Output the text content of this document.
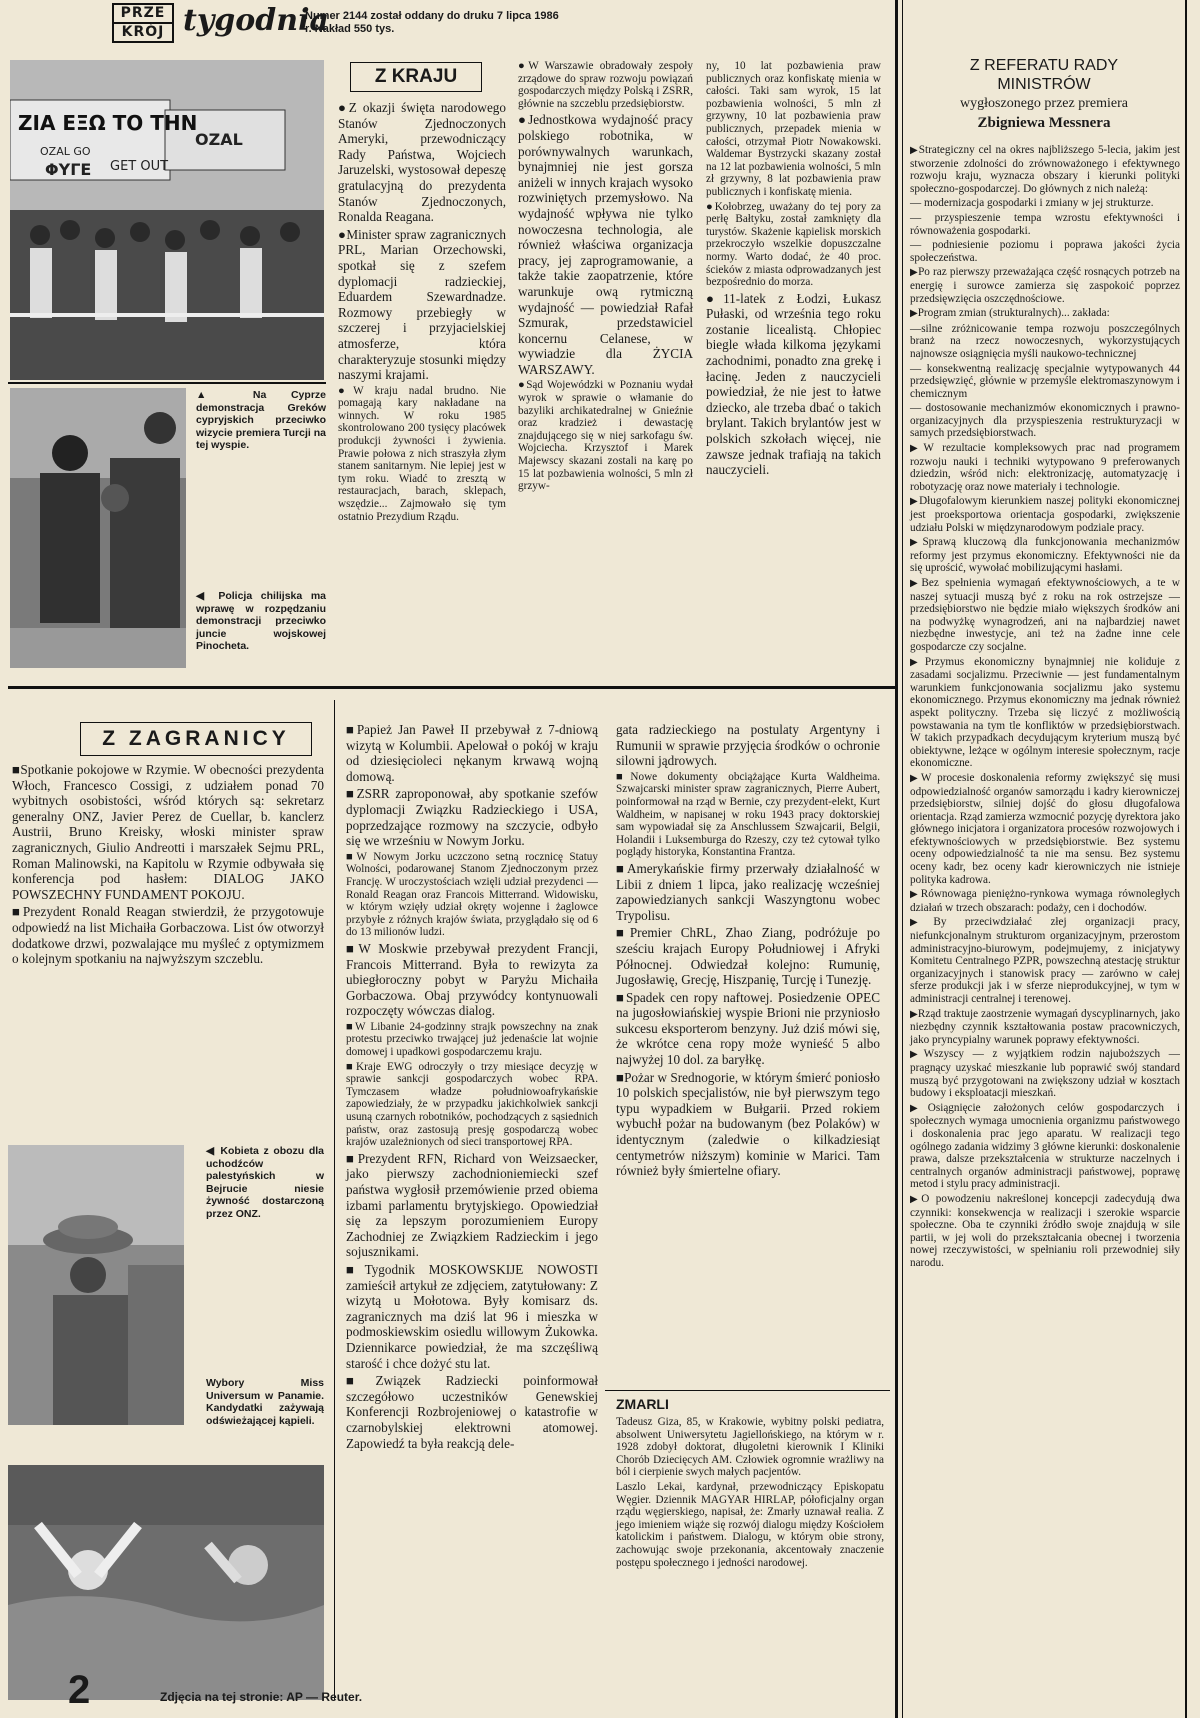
PRZE
KRÓJ tygodnia
Numer 2144 został oddany do druku 7 lipca 1986 r. Nakład 550 tys.
ZIA EΞΩ ΤΟ ΤΗΝ
OZAL GO
OZAL
ΦΥΓΕ GET OUT
▲ Na Cyprze demonstracja Greków cypryjskich przeciwko wizycie premiera Turcji na tej wyspie.
◀ Policja chilijska ma wprawę w rozpędzaniu demonstracji przeciwko juncie wojskowej Pinocheta.
Z KRAJU

● Z okazji święta narodowego Stanów Zjednoczonych Ameryki, przewodniczący Rady Państwa, Wojciech Jaruzelski, wystosował depeszę gratulacyjną do prezydenta Stanów Zjednoczonych, Ronalda Reagana.

● Minister spraw zagranicznych PRL, Marian Orzechowski, spotkał się z szefem dyplomacji radzieckiej, Eduardem Szewardnadze. Rozmowy przebiegły w szczerej i przyjacielskiej atmosferze, która charakteryzuje stosunki między naszymi krajami.

● W kraju nadal brudno. Nie pomagają kary nakładane na winnych. W roku 1985 skontrolowano 200 tysięcy placówek produkcji żywności i żywienia. Prawie połowa z nich straszyła złym stanem sanitarnym. Nie lepiej jest w tym roku. Wiadć to zresztą w restauracjach, barach, sklepach, wszędzie... Zajmowało się tym ostatnio Prezydium Rządu.

● W Warszawie obradowały zespoły zrządowe do spraw rozwoju powiązań gospodarczych między Polską i ZSRR, głównie na szczeblu przedsiębiorstw.

● Jednostkowa wydajność pracy polskiego robotnika, w porównywalnych warunkach, bynajmniej nie jest gorsza aniżeli w innych krajach wysoko rozwiniętych przemysłowo. Na wydajność wpływa nie tylko nowoczesna technologia, ale również właściwa organizacja pracy, jej zaprogramowanie, a także takie zaopatrzenie, które warunkuje ową rytmiczną wydajność — powiedział Rafał Szmurak, przedstawiciel koncernu Celanese, w wywiadzie dla ŻYCIA WARSZAWY.

● Sąd Wojewódzki w Poznaniu wydał wyrok w sprawie o włamanie do bazyliki archikatedralnej w Gnieźnie oraz kradzież i dewastację znajdującego się w niej sarkofagu św. Wojciecha. Krzysztof i Marek Majewscy skazani zostali na karę po 15 lat pozbawienia wolności, 5 mln zł grzyw-

ny, 10 lat pozbawienia praw publicznych oraz konfiskatę mienia w całości. Taki sam wyrok, 15 lat pozbawienia wolności, 5 mln zł grzywny, 10 lat pozbawienia praw publicznych, przepadek mienia w całości, otrzymał Piotr Nowakowski. Waldemar Bystrzycki skazany został na 12 lat pozbawienia wolności, 5 mln zł grzywny, 8 lat pozbawienia praw publicznych i konfiskatę mienia.

● Kołobrzeg, uważany do tej pory za perłę Bałtyku, został zamknięty dla turystów. Skażenie kąpielisk morskich przekroczyło wszelkie dopuszczalne normy. Warto dodać, że 40 proc. ścieków z miasta odprowadzanych jest bezpośrednio do morza.

● 11-latek z Łodzi, Łukasz Pułaski, od września tego roku zostanie licealistą. Chłopiec biegle włada kilkoma językami zachodnimi, ponadto zna grekę i łacinę. Jeden z nauczycieli powiedział, że nie jest to łatwe dziecko, ale trzeba dbać o takich brylant. Takich brylantów jest w polskich szkołach więcej, nie zawsze jednak trafiają na takich nauczycieli.

Z ZAGRANICY

■ Spotkanie pokojowe w Rzymie. W obecności prezydenta Włoch, Francesco Cossigi, z udziałem ponad 70 wybitnych osobistości, wśród których są: sekretarz generalny ONZ, Javier Perez de Cuellar, b. kanclerz Austrii, Bruno Kreisky, włoski minister spraw zagranicznych, Giulio Andreotti i marszałek Sejmu PRL, Roman Malinowski, na Kapitolu w Rzymie odbywała się konferencja pod hasłem: DIALOG JAKO POWSZECHNY FUNDAMENT POKOJU.

■ Prezydent Ronald Reagan stwierdził, że przygotowuje odpowiedź na list Michaiła Gorbaczowa. List ów otworzył dodatkowe drzwi, pozwalające mu myśleć z optymizmem o kolejnym spotkaniu na najwyższym szczeblu.

◀ Kobieta z obozu dla uchodźców palestyńskich w Bejrucie niesie żywność dostarczoną przez ONZ.
Wybory Miss Universum w Panamie. Kandydatki zażywają odświeżającej kąpieli.

■ Papież Jan Paweł II przebywał z 7-dniową wizytą w Kolumbii. Apelował o pokój w kraju od dziesięcioleci nękanym krwawą wojną domową.

■ ZSRR zaproponował, aby spotkanie szefów dyplomacji Związku Radzieckiego i USA, poprzedzające rozmowy na szczycie, odbyło się we wrześniu w Nowym Jorku.

■ W Nowym Jorku uczczono setną rocznicę Statuy Wolności, podarowanej Stanom Zjednoczonym przez Francję. W uroczystościach wzięli udział prezydenci — Ronald Reagan oraz Francois Mitterrand. Widowisku, w którym wzięły udział okręty wojenne i żaglowce przybyłe z różnych krajów świata, przyglądało się od 6 do 13 milionów ludzi.

■ W Moskwie przebywał prezydent Francji, Francois Mitterrand. Była to rewizyta za ubiegłoroczny pobyt w Paryżu Michaiła Gorbaczowa. Obaj przywódcy kontynuowali rozpoczęty wówczas dialog.

■ W Libanie 24-godzinny strajk powszechny na znak protestu przeciwko trwającej już jedenaście lat wojnie domowej i upadkowi gospodarczemu kraju.

■ Kraje EWG odroczyły o trzy miesiące decyzję w sprawie sankcji gospodarczych wobec RPA. Tymczasem władze południowoafrykańskie zapowiedziały, że w przypadku jakichkolwiek sankcji usuną czarnych robotników, pochodzących z sąsiednich państw, oraz zastosują presję gospodarczą wobec krajów uzależnionych od sieci transportowej RPA.

■ Prezydent RFN, Richard von Weizsaecker, jako pierwszy zachodnioniemiecki szef państwa wygłosił przemówienie przed obiema izbami parlamentu brytyjskiego. Opowiedział się za lepszym porozumieniem Europy Zachodniej ze Związkiem Radzieckim i jego sojusznikami.

■ Tygodnik MOSKOWSKIJE NOWOSTI zamieścił artykuł ze zdjęciem, zatytułowany: Z wizytą u Mołotowa. Były komisarz ds. zagranicznych ma dziś lat 96 i mieszka w podmoskiewskim osiedlu willowym Żukowka. Dziennikarce powiedział, że ma szczęśliwą starość i chce dożyć stu lat.

■ Związek Radziecki poinformował szczegółowo uczestników Genewskiej Konferencji Rozbrojeniowej o katastrofie w czarnobylskiej elektrowni atomowej. Zapowiedź ta była reakcją dele-

gata radzieckiego na postulaty Argentyny i Rumunii w sprawie przyjęcia środków o ochronie silowni jądrowych.

■ Nowe dokumenty obciążające Kurta Waldheima. Szwajcarski minister spraw zagranicznych, Pierre Aubert, poinformował na rząd w Bernie, czy prezydent-elekt, Kurt Waldheim, w napisanej w roku 1943 pracy doktorskiej sam wypowiadał się za Anschlussem Szwajcarii, Belgii, Holandii i Luksemburga do Rzeszy, czy też cytował tylko poglądy historyka, Konstantina Frantza.

■ Amerykańskie firmy przerwały działalność w Libii z dniem 1 lipca, jako realizację wcześniej zapowiedzianych sankcji Waszyngtonu wobec Trypolisu.

■ Premier ChRL, Zhao Ziang, podróżuje po sześciu krajach Europy Południowej i Afryki Północnej. Odwiedzał kolejno: Rumunię, Jugosławię, Grecję, Hiszpanię, Turcję i Tunezję.

■ Spadek cen ropy naftowej. Posiedzenie OPEC na jugosłowiańskiej wyspie Brioni nie przyniosło sukcesu eksporterom benzyny. Już dziś mówi się, że wkrótce cena ropy może wynieść 5 albo najwyżej 10 dol. za baryłkę.

■ Pożar w Srednogorie, w którym śmierć poniosło 10 polskich specjalistów, nie był pierwszym tego typu wypadkiem w Bułgarii. Przed rokiem wybuchł pożar na budowanym (bez Polaków) w identycznym (zaledwie o kilkadziesiąt centymetrów niższym) kominie w Marici. Tam również były śmiertelne ofiary.

ZMARLI

Tadeusz Giza, 85, w Krakowie, wybitny polski pediatra, absolwent Uniwersytetu Jagiellońskiego, na którym w r. 1928 zdobył doktorat, długoletni kierownik I Kliniki Chorób Dziecięcych AM. Człowiek ogromnie wrażliwy na ból i cierpienie swych małych pacjentów.

Laszlo Lekai, kardynał, przewodniczący Episkopatu Węgier. Dziennik MAGYAR HIRLAP, półoficjalny organ rządu węgierskiego, napisał, że: Zmarły uznawał realia. Z jego imieniem wiąże się rozwój dialogu między Kościołem katolickim i państwem. Dialogu, w którym obie strony, zachowując swoje przekonania, akcentowały znaczenie postępu społecznego i jedności narodowej.

Z REFERATU RADY
MINISTRÓW
wygłoszonego przez premiera
Zbigniewa Messnera

▶ Strategiczny cel na okres najbliższego 5-lecia, jakim jest stworzenie zdolności do zrównoważonego i efektywnego rozwoju kraju, wyznacza obszary i kierunki polityki społeczno-gospodarczej. Do głównych z nich należą:

— modernizacja gospodarki i zmiany w jej strukturze.

— przyspieszenie tempa wzrostu efektywności i równoważenia gospodarki.

— podniesienie poziomu i poprawa jakości życia społeczeństwa.

▶ Po raz pierwszy przeważająca część rosnących potrzeb na energię i surowce zamierza się zaspokoić poprzez przedsięwzięcia oszczędnościowe.

▶ Program zmian (strukturalnych)... zakłada:

—silne zróżnicowanie tempa rozwoju poszczególnych branż na rzecz nowoczesnych, wykorzystujących najnowsze osiągnięcia myśli naukowo-technicznej

— konsekwentną realizację specjalnie wytypowanych 44 przedsięwzięć, głównie w przemyśle elektromaszynowym i chemicznym

— dostosowanie mechanizmów ekonomicznych i prawno-organizacyjnych dla przyspieszenia restrukturyzacji w samych przedsiębiorstwach.

▶ W rezultacie kompleksowych prac nad programem rozwoju nauki i techniki wytypowano 9 preferowanych dziedzin, wśród nich: elektronizację, automatyzację i robotyzację oraz nowe materiały i technologie.

▶ Długofalowym kierunkiem naszej polityki ekonomicznej jest proeksportowa orientacja gospodarki, zwiększenie udziału Polski w międzynarodowym podziale pracy.

▶ Sprawą kluczową dla funkcjonowania mechanizmów reformy jest przymus ekonomiczny. Efektywności nie da się uprościć, wywołać mobilizującymi hasłami.

▶ Bez spełnienia wymagań efektywnościowych, a te w naszej sytuacji muszą być z roku na rok ostrzejsze — przedsiębiorstwo nie będzie miało większych środków ani na podwyżkę wynagrodzeń, ani na najbardziej nawet niezbędne inwestycje, ani też na żadne inne cele gospodarcze czy socjalne.

▶ Przymus ekonomiczny bynajmniej nie koliduje z zasadami socjalizmu. Przeciwnie — jest fundamentalnym warunkiem funkcjonowania socjalizmu jako systemu ekonomicznego. Przymus ekonomiczny ma jednak również aspekt polityczny. Trzeba się liczyć z możliwością powstawania na tym tle konfliktów w przedsiębiorstwach. W takich przypadkach decydującym kryterium muszą być obiektywne, leżące w ogólnym interesie społecznym, racje ekonomiczne.

▶ W procesie doskonalenia reformy zwiększyć się musi odpowiedzialność organów samorządu i kadry kierowniczej przedsiębiorstw, silniej dojść do głosu długofalowa orientacja. Rząd zamierza wzmocnić pozycję dyrektora jako głównego inicjatora i organizatora procesów rozwojowych i efektywnościowych w przedsiębiorstwie. Bez systemu oceny odpowiedzialność ta nie ma sensu. Bez systemu oceny kadr, bez oceny kadr kierowniczych nie istnieje polityka kadrowa.

▶ Równowaga pieniężno-rynkowa wymaga równoległych działań w trzech obszarach: podaży, cen i dochodów.

▶ By przeciwdziałać złej organizacji pracy, niefunkcjonalnym strukturom organizacyjnym, przerostom administracyjno-biurowym, podejmujemy, z inicjatywy Komitetu Centralnego PZPR, powszechną atestację struktur organizacyjnych i stanowisk pracy — zarówno w całej sferze produkcji jak i w sferze nieprodukcyjnej, w tym w administracji centralnej i terenowej.

▶ Rząd traktuje zaostrzenie wymagań dyscyplinarnych, jako niezbędny czynnik kształtowania postaw pracowniczych, jako pryncypialny warunek poprawy efektywności.

▶ Wszyscy — z wyjątkiem rodzin najuboższych — pragnący uzyskać mieszkanie lub poprawić swój standard muszą być przygotowani na zwiększony udział w kosztach budowy i eksploatacji mieszkań.

▶ Osiągnięcie założonych celów gospodarczych i społecznych wymaga umocnienia organizmu państwowego i doskonalenia prac jego aparatu. W realizacji tego ogólnego zadania widzimy 3 główne kierunki: doskonalenie prawa, dalsze przekształcenia w strukturze naczelnych i centralnych organów administracji państwowej, poprawę metod i stylu pracy administracji.

▶ O powodzeniu nakreślonej koncepcji zadecydują dwa czynniki: konsekwencja w realizacji i szerokie wsparcie społeczne. Oba te czynniki źródło swoje znajdują w sile partii, w jej woli do przekształcania obecnej i tworzenia nowej rzeczywistości, w spełnianiu roli przewodniej siły narodu.

2	Zdjęcia na tej stronie: AP — Reuter.
